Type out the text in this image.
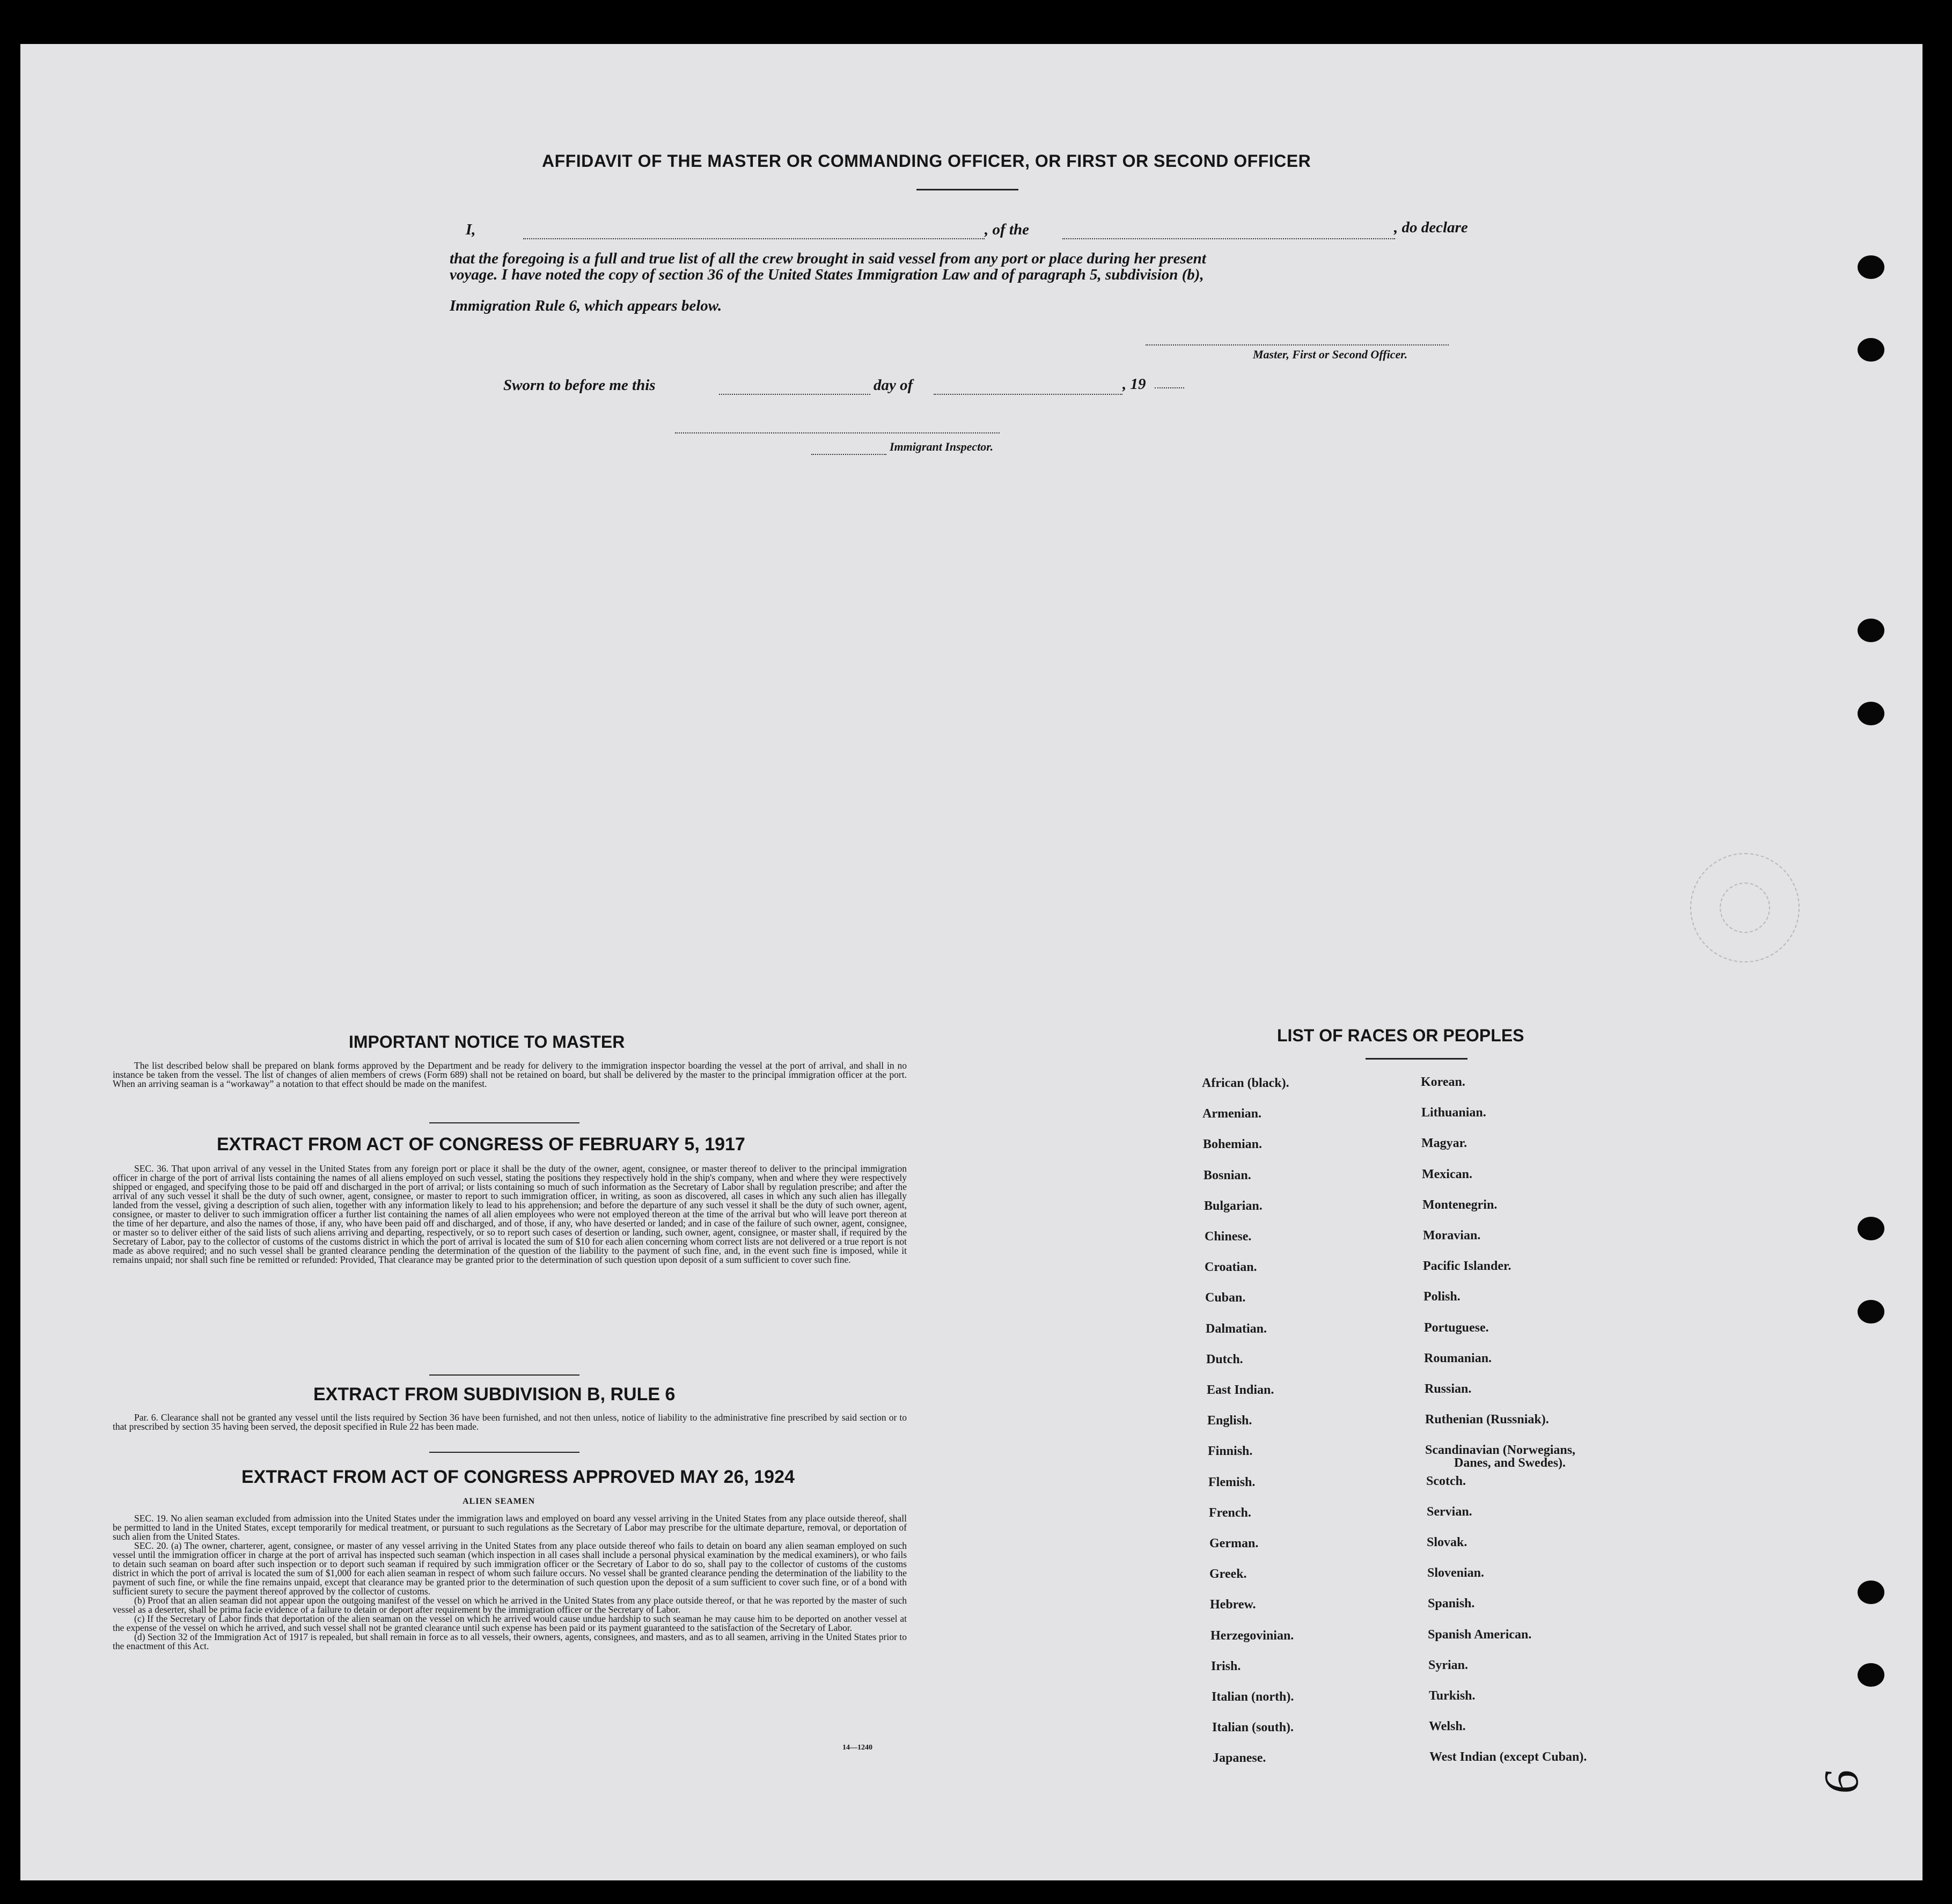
AFFIDAVIT OF THE MASTER OR COMMANDING OFFICER, OR FIRST OR SECOND OFFICER
I,	, of the	, do declare
that the foregoing is a full and true list of all the crew brought in said vessel from any port or place during her present
voyage. I have noted the copy of section 36 of the United States Immigration Law and of paragraph 5, subdivision (b),
Immigration Rule 6, which appears below.
Master, First or Second Officer.
Sworn to before me this	day of	, 19
Immigrant Inspector.
IMPORTANT NOTICE TO MASTER

The list described below shall be prepared on blank forms approved by the Department and be ready for delivery to the immigration inspector boarding the vessel at the port of arrival, and shall in no instance be taken from the vessel. The list of changes of alien members of crews (Form 689) shall not be retained on board, but shall be delivered by the master to the principal immigration officer at the port. When an arriving seaman is a “workaway” a notation to that effect should be made on the manifest.

EXTRACT FROM ACT OF CONGRESS OF FEBRUARY 5, 1917

SEC. 36. That upon arrival of any vessel in the United States from any foreign port or place it shall be the duty of the owner, agent, consignee, or master thereof to deliver to the principal immigration officer in charge of the port of arrival lists containing the names of all aliens employed on such vessel, stating the positions they respectively hold in the ship's company, when and where they were respectively shipped or engaged, and specifying those to be paid off and discharged in the port of arrival; or lists containing so much of such information as the Secretary of Labor shall by regulation prescribe; and after the arrival of any such vessel it shall be the duty of such owner, agent, consignee, or master to report to such immigration officer, in writing, as soon as discovered, all cases in which any such alien has illegally landed from the vessel, giving a description of such alien, together with any information likely to lead to his apprehension; and before the departure of any such vessel it shall be the duty of such owner, agent, consignee, or master to deliver to such immigration officer a further list containing the names of all alien employees who were not employed thereon at the time of the arrival but who will leave port thereon at the time of her departure, and also the names of those, if any, who have been paid off and discharged, and of those, if any, who have deserted or landed; and in case of the failure of such owner, agent, consignee, or master so to deliver either of the said lists of such aliens arriving and departing, respectively, or so to report such cases of desertion or landing, such owner, agent, consignee, or master shall, if required by the Secretary of Labor, pay to the collector of customs of the customs district in which the port of arrival is located the sum of $10 for each alien concerning whom correct lists are not delivered or a true report is not made as above required; and no such vessel shall be granted clearance pending the determination of the question of the liability to the payment of such fine, and, in the event such fine is imposed, while it remains unpaid; nor shall such fine be remitted or refunded: Provided, That clearance may be granted prior to the determination of such question upon deposit of a sum sufficient to cover such fine.

EXTRACT FROM SUBDIVISION B, RULE 6

Par. 6. Clearance shall not be granted any vessel until the lists required by Section 36 have been furnished, and not then unless, notice of liability to the administrative fine prescribed by said section or to that prescribed by section 35 having been served, the deposit specified in Rule 22 has been made.

EXTRACT FROM ACT OF CONGRESS APPROVED MAY 26, 1924
ALIEN SEAMEN

SEC. 19. No alien seaman excluded from admission into the United States under the immigration laws and employed on board any vessel arriving in the United States from any place outside thereof, shall be permitted to land in the United States, except temporarily for medical treatment, or pursuant to such regulations as the Secretary of Labor may prescribe for the ultimate departure, removal, or deportation of such alien from the United States.

SEC. 20. (a) The owner, charterer, agent, consignee, or master of any vessel arriving in the United States from any place outside thereof who fails to detain on board any alien seaman employed on such vessel until the immigration officer in charge at the port of arrival has inspected such seaman (which inspection in all cases shall include a personal physical examination by the medical examiners), or who fails to detain such seaman on board after such inspection or to deport such seaman if required by such immigration officer or the Secretary of Labor to do so, shall pay to the collector of customs of the customs district in which the port of arrival is located the sum of $1,000 for each alien seaman in respect of whom such failure occurs. No vessel shall be granted clearance pending the determination of the liability to the payment of such fine, or while the fine remains unpaid, except that clearance may be granted prior to the determination of such question upon the deposit of a sum sufficient to cover such fine, or of a bond with sufficient surety to secure the payment thereof approved by the collector of customs.

(b) Proof that an alien seaman did not appear upon the outgoing manifest of the vessel on which he arrived in the United States from any place outside thereof, or that he was reported by the master of such vessel as a deserter, shall be prima facie evidence of a failure to detain or deport after requirement by the immigration officer or the Secretary of Labor.

(c) If the Secretary of Labor finds that deportation of the alien seaman on the vessel on which he arrived would cause undue hardship to such seaman he may cause him to be deported on another vessel at the expense of the vessel on which he arrived, and such vessel shall not be granted clearance until such expense has been paid or its payment guaranteed to the satisfaction of the Secretary of Labor.

(d) Section 32 of the Immigration Act of 1917 is repealed, but shall remain in force as to all vessels, their owners, agents, consignees, and masters, and as to all seamen, arriving in the United States prior to the enactment of this Act.

14—1240
LIST OF RACES OR PEOPLES
African (black).
Armenian.
Bohemian.
Bosnian.
Bulgarian.
Chinese.
Croatian.
Cuban.
Dalmatian.
Dutch.
East Indian.
English.
Finnish.
Flemish.
French.
German.
Greek.
Hebrew.
Herzegovinian.
Irish.
Italian (north).
Italian (south).
Japanese.
Korean.
Lithuanian.
Magyar.
Mexican.
Montenegrin.
Moravian.
Pacific Islander.
Polish.
Portuguese.
Roumanian.
Russian.
Ruthenian (Russniak).
Scandinavian (Norwegians,
Danes, and Swedes).
Scotch.
Servian.
Slovak.
Slovenian.
Spanish.
Spanish American.
Syrian.
Turkish.
Welsh.
West Indian (except Cuban).
6
